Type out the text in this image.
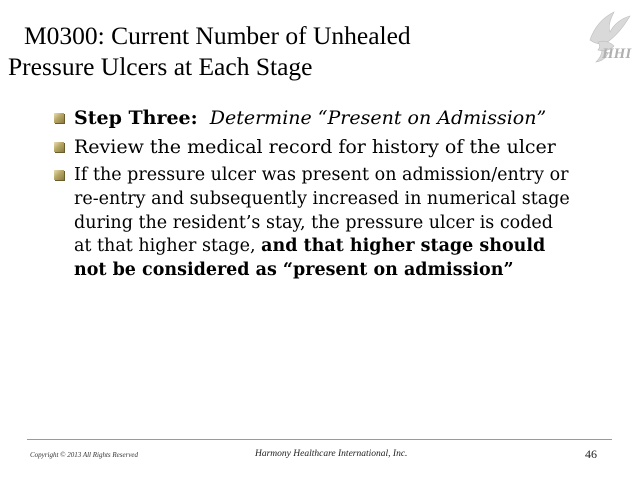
M0300: Current Number of Unhealed
Pressure Ulcers at Each Stage	HHI
Step Three: Determine “Present on Admission”
Review the medical record for history of the ulcer
If the pressure ulcer was present on admission/entry or re-entry and subsequently increased in numerical stage during the resident’s stay, the pressure ulcer is coded at that higher stage, and that higher stage should not be considered as “present on admission”
Copyright © 2013 All Rights Reserved	Harmony Healthcare International, Inc.	46
